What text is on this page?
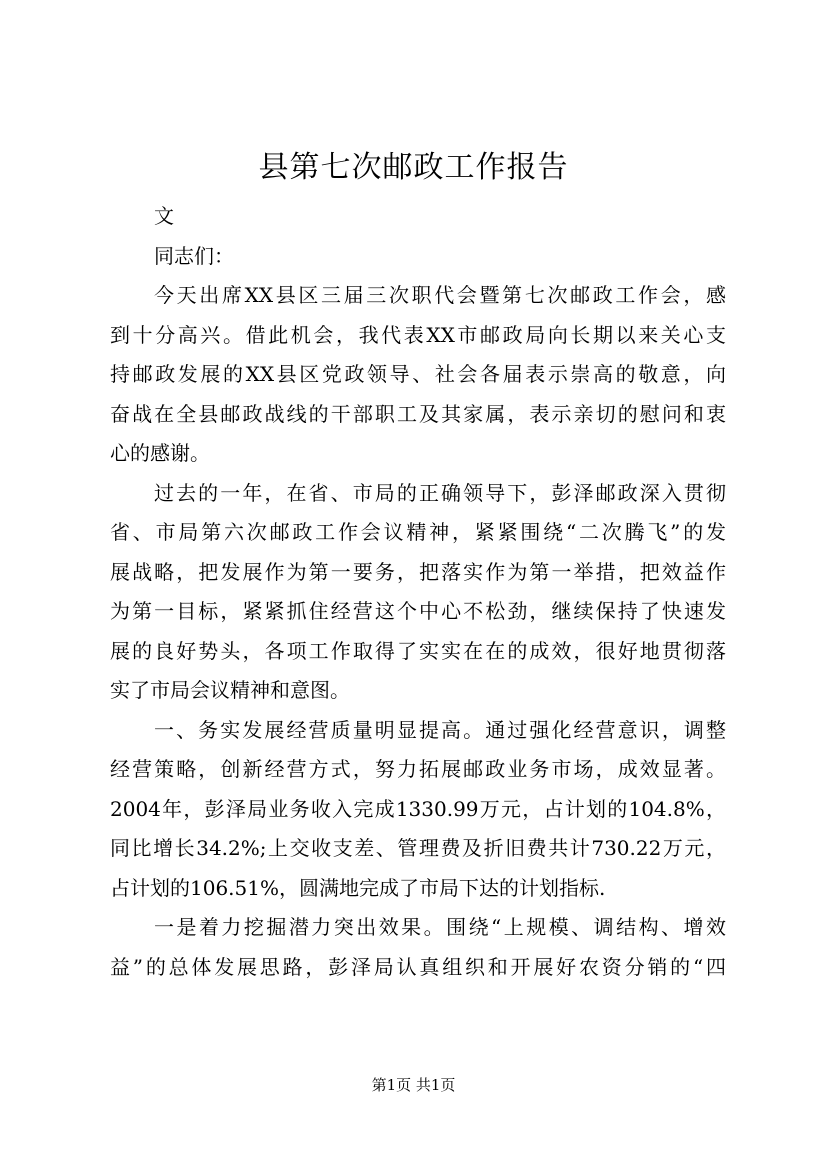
县第七次邮政工作报告
文
同志们：
今天出席XX县区三届三次职代会暨第七次邮政工作会，感
到十分高兴。借此机会，我代表XX市邮政局向长期以来关心支
持邮政发展的XX县区党政领导、社会各届表示崇高的敬意，向
奋战在全县邮政战线的干部职工及其家属，表示亲切的慰问和衷
心的感谢。
过去的一年，在省、市局的正确领导下，彭泽邮政深入贯彻
省、市局第六次邮政工作会议精神，紧紧围绕“二次腾飞”的发
展战略，把发展作为第一要务，把落实作为第一举措，把效益作
为第一目标，紧紧抓住经营这个中心不松劲，继续保持了快速发
展的良好势头，各项工作取得了实实在在的成效，很好地贯彻落
实了市局会议精神和意图。
一、务实发展经营质量明显提高。通过强化经营意识，调整
经营策略，创新经营方式，努力拓展邮政业务市场，成效显著。
2004年，彭泽局业务收入完成1330.99万元，占计划的104.8%，
同比增长34.2%;上交收支差、管理费及折旧费共计730.22万元，
占计划的106.51%，圆满地完成了市局下达的计划指标.
一是着力挖掘潜力突出效果。围绕“上规模、调结构、增效
益”的总体发展思路，彭泽局认真组织和开展好农资分销的“四
第1页 共1页
